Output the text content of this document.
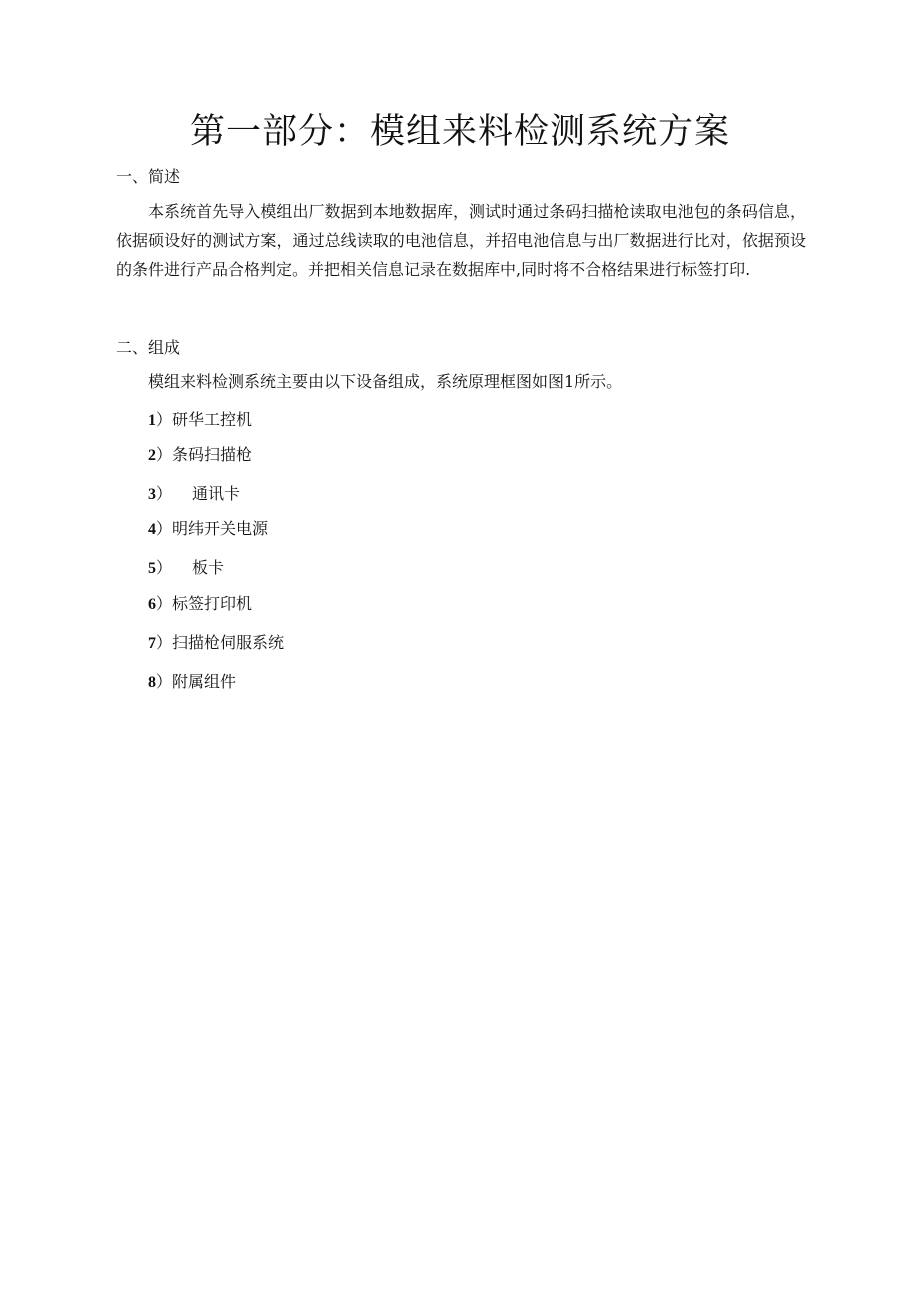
第一部分：模组来料检测系统方案
一、简述
本系统首先导入模组出厂数据到本地数据库，测试时通过条码扫描枪读取电池包的条码信息，依据硕设好的测试方案，通过总线读取的电池信息，并招电池信息与出厂数据进行比对，依据预设的条件进行产品合格判定。并把相关信息记录在数据库中,同时将不合格结果进行标签打印.
二、组成
模组来料检测系统主要由以下设备组成，系统原理框图如图1所示。
1）研华工控机
2）条码扫描枪
3） 通讯卡
4）明纬开关电源
5） 板卡
6）标签打印机
7）扫描枪伺服系统
8）附属组件
